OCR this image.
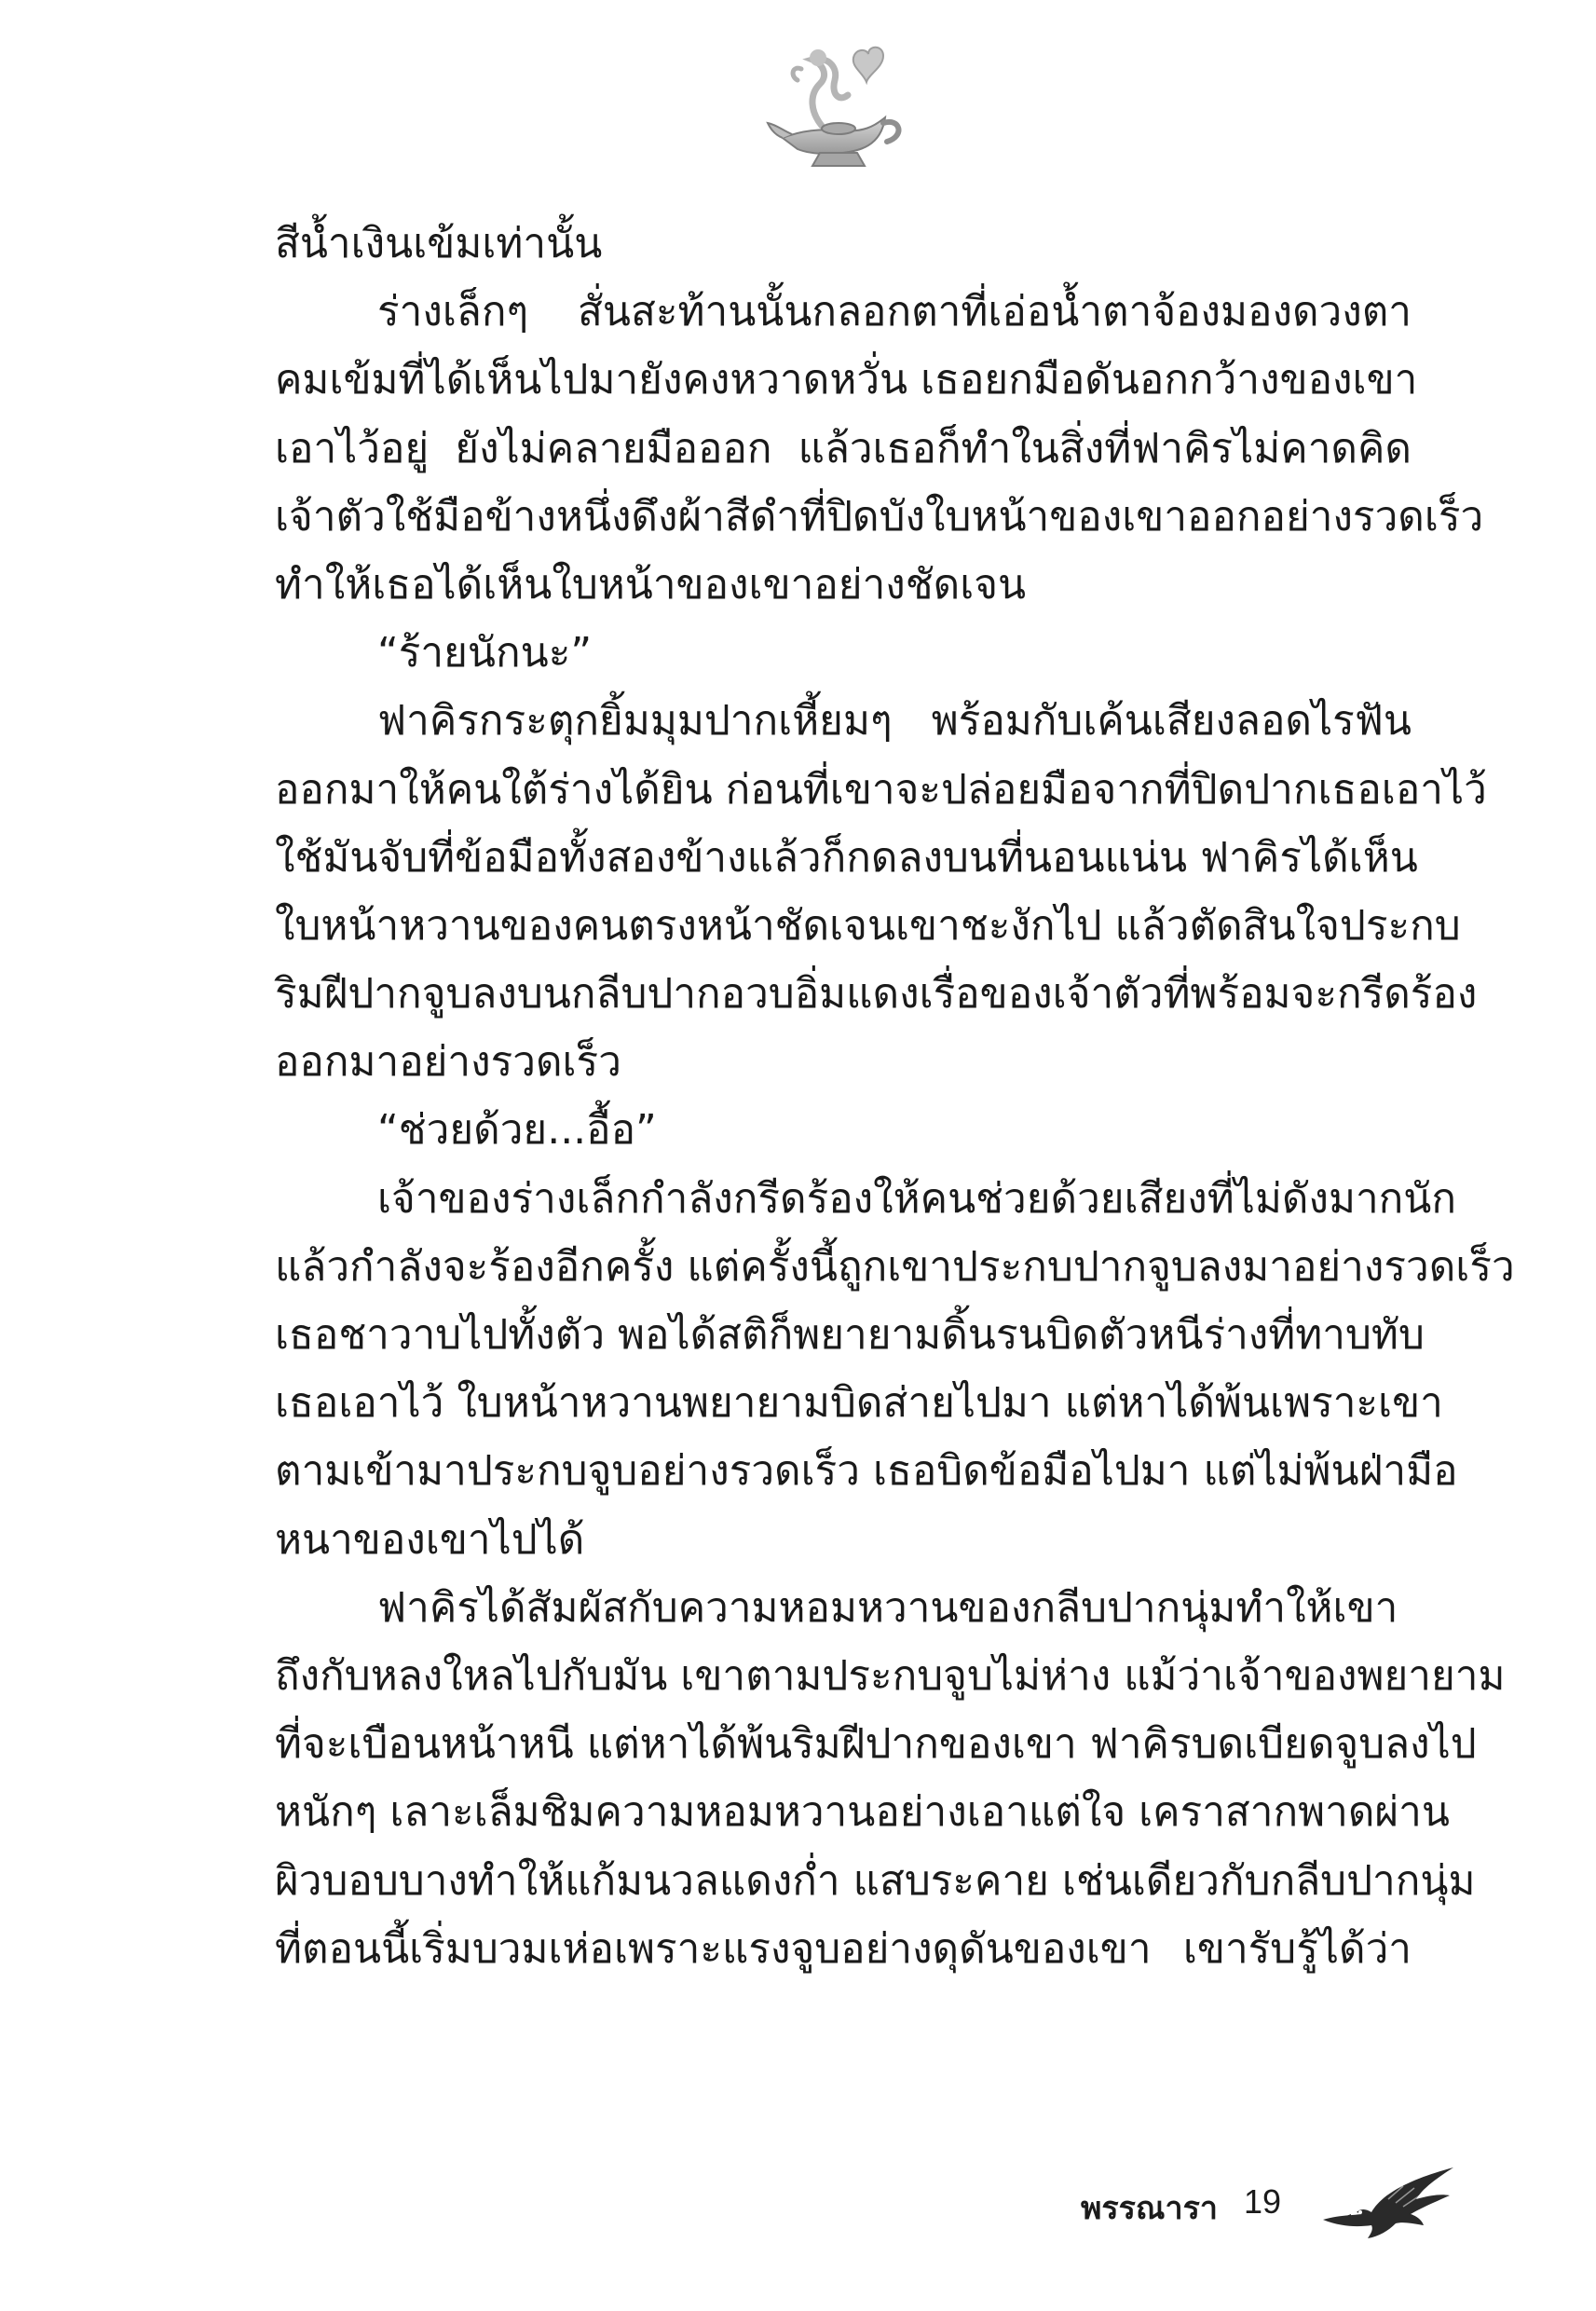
สีน้ำเงินเข้มเท่านั้น
ร่างเล็กๆ สั่นสะท้านนั้นกลอกตาที่เอ่อน้ำตาจ้องมองดวงตา
คมเข้มที่ได้เห็นไปมายังคงหวาดหวั่น เธอยกมือดันอกกว้างของเขา
เอาไว้อยู่ ยังไม่คลายมือออก แล้วเธอก็ทำในสิ่งที่ฟาคิรไม่คาดคิด
เจ้าตัวใช้มือข้างหนึ่งดึงผ้าสีดำที่ปิดบังใบหน้าของเขาออกอย่างรวดเร็ว
ทำให้เธอได้เห็นใบหน้าของเขาอย่างชัดเจน
“ร้ายนักนะ”
ฟาคิรกระตุกยิ้มมุมปากเหี้ยมๆ พร้อมกับเค้นเสียงลอดไรฟัน
ออกมาให้คนใต้ร่างได้ยิน ก่อนที่เขาจะปล่อยมือจากที่ปิดปากเธอเอาไว้
ใช้มันจับที่ข้อมือทั้งสองข้างแล้วก็กดลงบนที่นอนแน่น ฟาคิรได้เห็น
ใบหน้าหวานของคนตรงหน้าชัดเจนเขาชะงักไป แล้วตัดสินใจประกบ
ริมฝีปากจูบลงบนกลีบปากอวบอิ่มแดงเรื่อของเจ้าตัวที่พร้อมจะกรีดร้อง
ออกมาอย่างรวดเร็ว
“ช่วยด้วย...อื้อ”
เจ้าของร่างเล็กกำลังกรีดร้องให้คนช่วยด้วยเสียงที่ไม่ดังมากนัก
แล้วกำลังจะร้องอีกครั้ง แต่ครั้งนี้ถูกเขาประกบปากจูบลงมาอย่างรวดเร็ว
เธอชาวาบไปทั้งตัว พอได้สติก็พยายามดิ้นรนบิดตัวหนีร่างที่ทาบทับ
เธอเอาไว้ ใบหน้าหวานพยายามบิดส่ายไปมา แต่หาได้พ้นเพราะเขา
ตามเข้ามาประกบจูบอย่างรวดเร็ว เธอบิดข้อมือไปมา แต่ไม่พ้นฝ่ามือ
หนาของเขาไปได้
ฟาคิรได้สัมผัสกับความหอมหวานของกลีบปากนุ่มทำให้เขา
ถึงกับหลงใหลไปกับมัน เขาตามประกบจูบไม่ห่าง แม้ว่าเจ้าของพยายาม
ที่จะเบือนหน้าหนี แต่หาได้พ้นริมฝีปากของเขา ฟาคิรบดเบียดจูบลงไป
หนักๆ เลาะเล็มชิมความหอมหวานอย่างเอาแต่ใจ เคราสากพาดผ่าน
ผิวบอบบางทำให้แก้มนวลแดงก่ำ แสบระคาย เช่นเดียวกับกลีบปากนุ่ม
ที่ตอนนี้เริ่มบวมเห่อเพราะแรงจูบอย่างดุดันของเขา เขารับรู้ได้ว่า
พรรณารา 19
